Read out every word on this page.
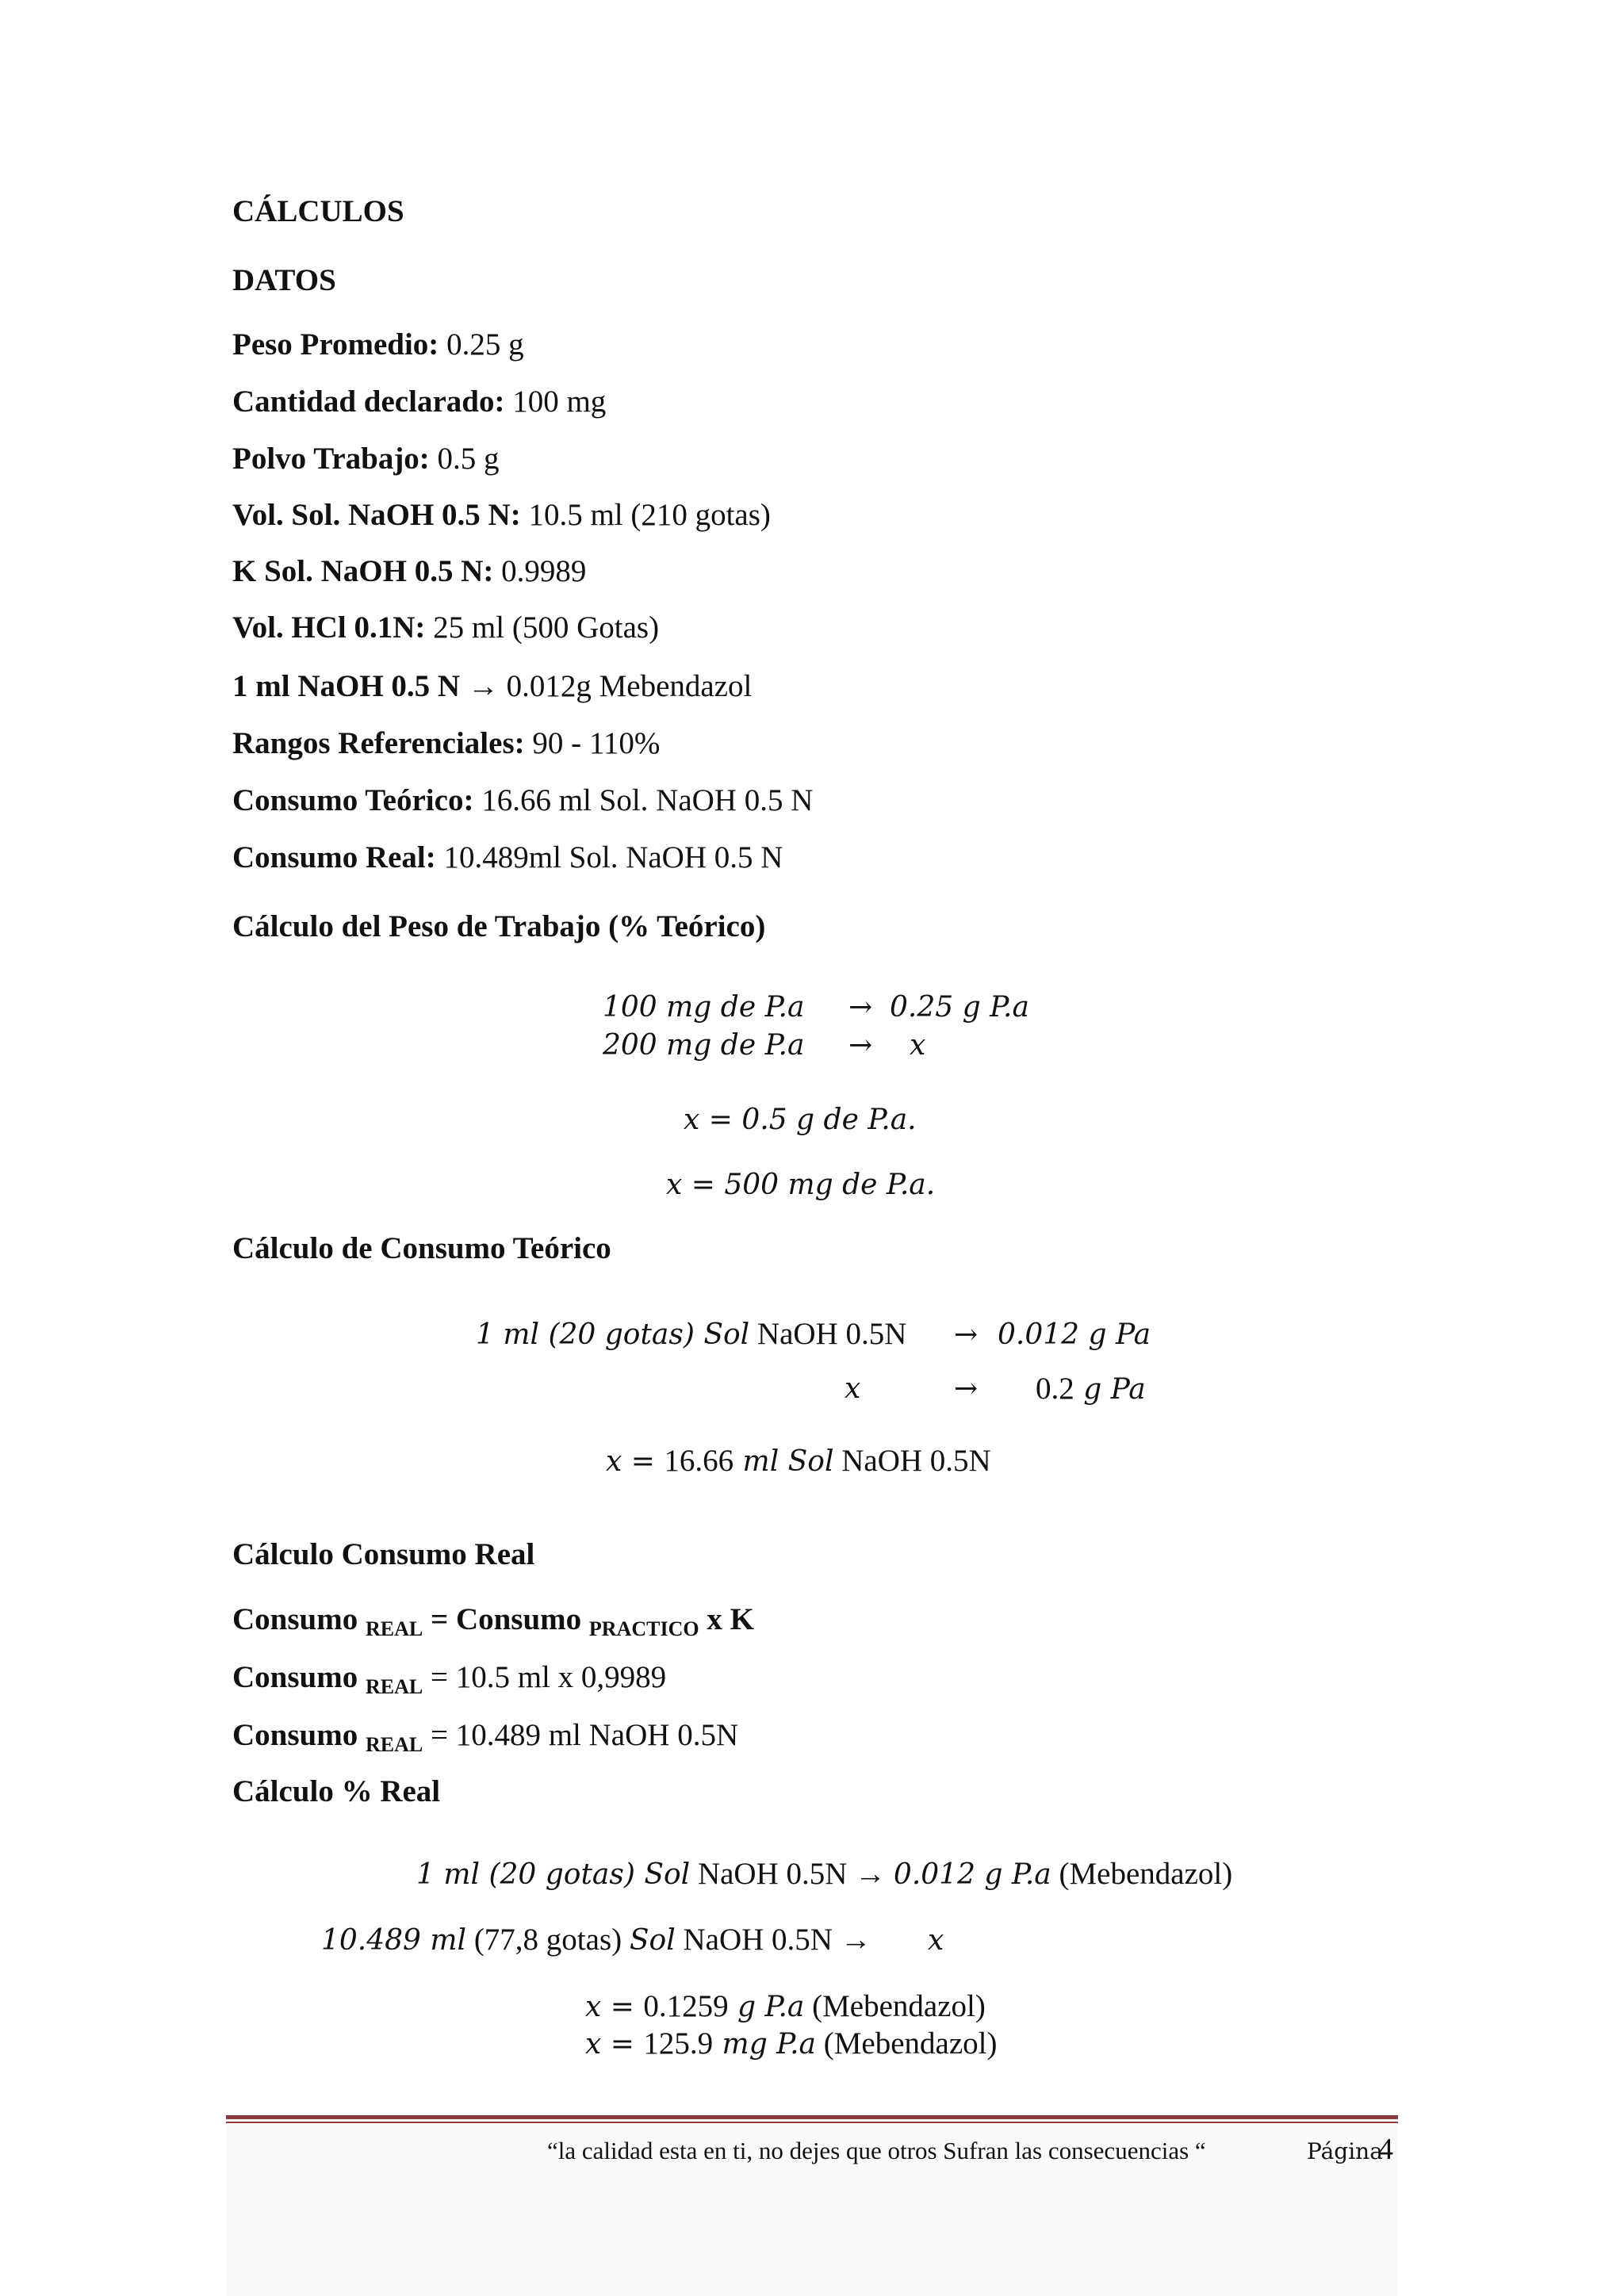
CÁLCULOS
DATOS
Peso Promedio: 0.25 g
Cantidad declarado: 100 mg
Polvo Trabajo: 0.5 g
Vol. Sol. NaOH 0.5 N: 10.5 ml (210 gotas)
K Sol. NaOH 0.5 N: 0.9989
Vol. HCl 0.1N: 25 ml (500 Gotas)
1 ml NaOH 0.5 N → 0.012g Mebendazol
Rangos Referenciales: 90 - 110%
Consumo Teórico: 16.66 ml Sol. NaOH 0.5 N
Consumo Real: 10.489ml Sol. NaOH 0.5 N
Cálculo del Peso de Trabajo (% Teórico)
100 mg de P.a → 0.25 g P.a
200 mg de P.a → x
x = 0.5 g de P.a.
x = 500 mg de P.a.
Cálculo de Consumo Teórico
1 ml (20 gotas) Sol NaOH 0.5N → 0.012 g Pa
x	→ 0.2 g Pa
x = 16.66 ml Sol NaOH 0.5N
Cálculo Consumo Real
Consumo $_{REAL}$ = Consumo $_{PRACTICO}$ x K
Consumo $_{REAL}$ = 10.5 ml x 0,9989
Consumo $_{REAL}$ = 10.489 ml NaOH 0.5N
Cálculo % Real
1 ml (20 gotas) Sol NaOH 0.5N → 0.012 g P.a (Mebendazol)
10.489 ml (77,8 gotas) Sol NaOH 0.5N → x
x = 0.1259 g P.a (Mebendazol)
x = 125.9 mg P.a (Mebendazol)
“la calidad esta en ti, no dejes que otros Sufran las consecuencias “	Página
4
